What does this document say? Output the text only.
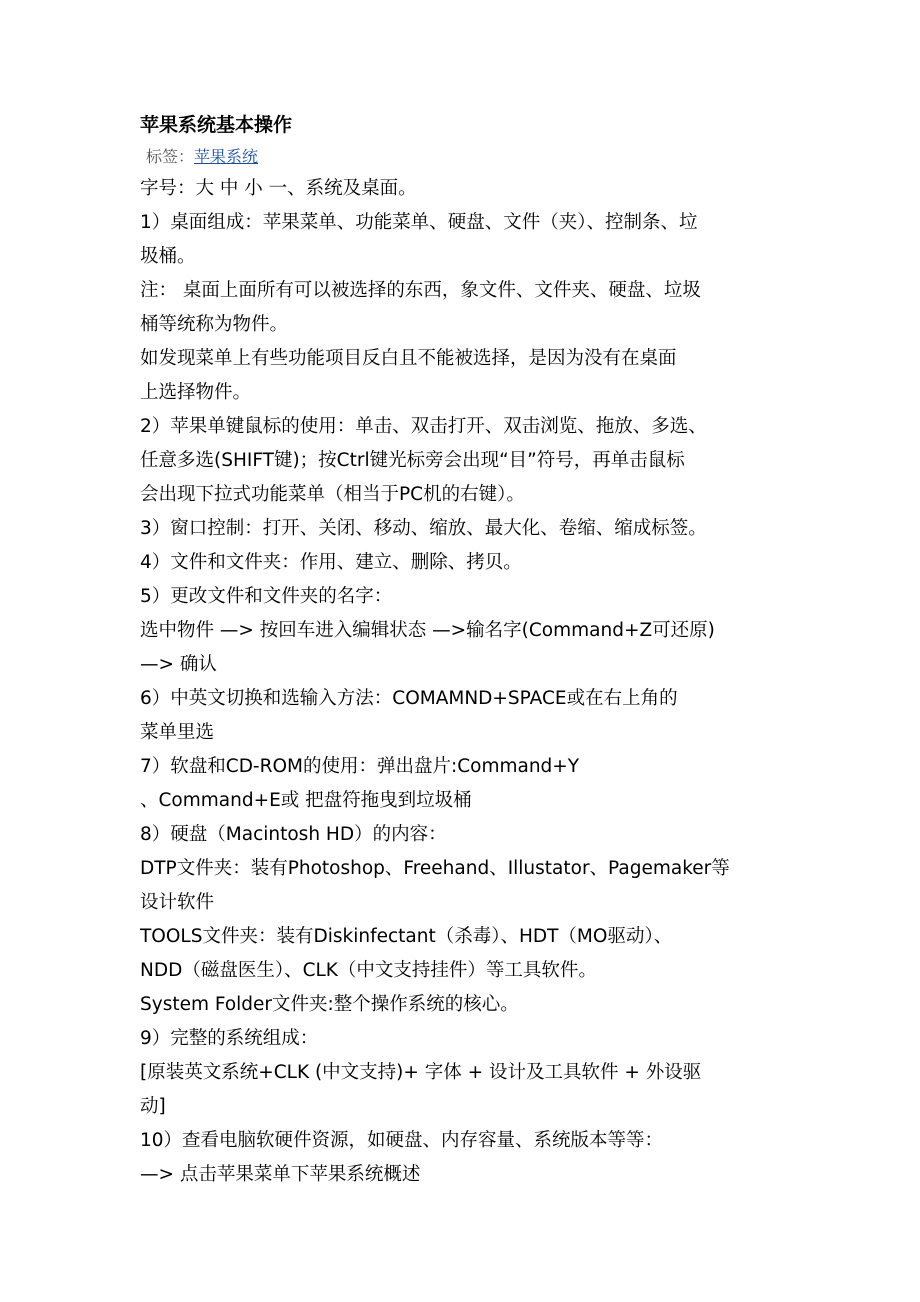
苹果系统基本操作
标签：苹果系统
字号：大 中 小 一、系统及桌面。
1）桌面组成：苹果菜单、功能菜单、硬盘、文件（夹）、控制条、垃
圾桶。
注： 桌面上面所有可以被选择的东西，象文件、文件夹、硬盘、垃圾
桶等统称为物件。
如发现菜单上有些功能项目反白且不能被选择，是因为没有在桌面
上选择物件。
2）苹果单键鼠标的使用：单击、双击打开、双击浏览、拖放、多选、
任意多选(SHIFT键)；按Ctrl键光标旁会出现“目”符号，再单击鼠标
会出现下拉式功能菜单（相当于PC机的右键）。
3）窗口控制：打开、关闭、移动、缩放、最大化、卷缩、缩成标签。
4）文件和文件夹：作用、建立、删除、拷贝。
5）更改文件和文件夹的名字：
选中物件 —> 按回车进入编辑状态 —>输名字(Command+Z可还原)
—> 确认
6）中英文切换和选输入方法：COMAMND+SPACE或在右上角的
菜单里选
7）软盘和CD-ROM的使用：弹出盘片:Command+Y
、Command+E或 把盘符拖曳到垃圾桶
8）硬盘（Macintosh HD）的内容：
DTP文件夹：装有Photoshop、Freehand、Illustator、Pagemaker等
设计软件
TOOLS文件夹：装有Diskinfectant（杀毒）、HDT（MO驱动）、
NDD（磁盘医生）、CLK（中文支持挂件）等工具软件。
System Folder文件夹:整个操作系统的核心。
9）完整的系统组成：
[原装英文系统+CLK (中文支持)+ 字体 + 设计及工具软件 + 外设驱
动]
10）查看电脑软硬件资源，如硬盘、内存容量、系统版本等等：
—> 点击苹果菜单下苹果系统概述
